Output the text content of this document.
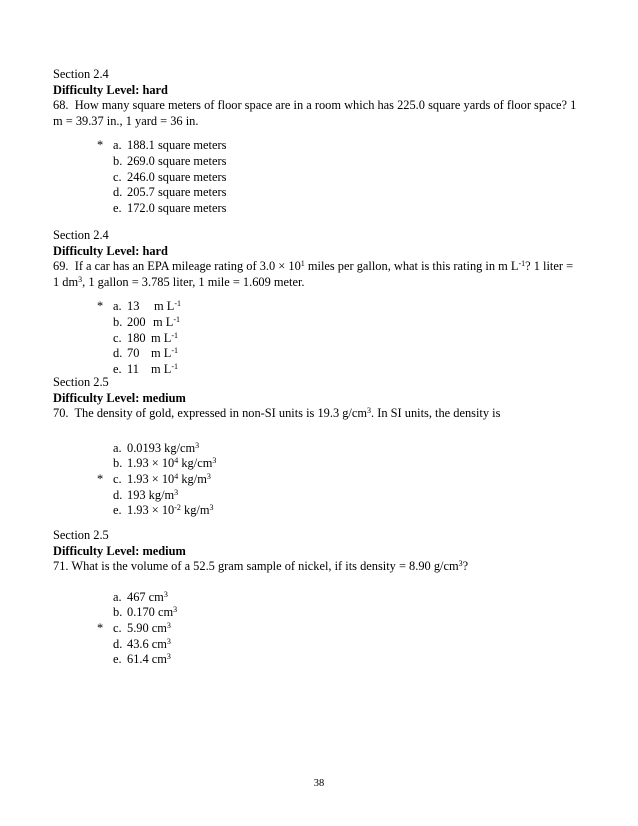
Section 2.4
Difficulty Level: hard
68. How many square meters of floor space are in a room which has 225.0 square yards of floor space? 1
m = 39.37 in., 1 yard = 36 in.
* a. 188.1 square meters
b. 269.0 square meters
c. 246.0 square meters
d. 205.7 square meters
e. 172.0 square meters
Section 2.4
Difficulty Level: hard
69. If a car has an EPA mileage rating of $3.0 \times 10^1$ miles per gallon, what is this rating in m $L^{-1}$? 1 liter =
1 $dm^3$, 1 gallon = 3.785 liter, 1 mile = 1.609 meter.
* a. 13 m $L^{-1}$
b. 200 m $L^{-1}$
c. 180 m $L^{-1}$
d. 70 m $L^{-1}$
e. 11 m $L^{-1}$
Section 2.5
Difficulty Level: medium
70. The density of gold, expressed in non-SI units is 19.3 $g/cm^3$. In SI units, the density is
a. 0.0193 $kg/cm^3$
b. $1.93 \times 10^4$ $kg/cm^3$
* c. $1.93 \times 10^4$ $kg/m^3$
d. 193 $kg/m^3$
e. $1.93 \times 10^{-2}$ $kg/m^3$
Section 2.5
Difficulty Level: medium
71. What is the volume of a 52.5 gram sample of nickel, if its density = 8.90 $g/cm^3$?
a. 467 $cm^3$
b. 0.170 $cm^3$
* c. 5.90 $cm^3$
d. 43.6 $cm^3$
e. 61.4 $cm^3$
38
